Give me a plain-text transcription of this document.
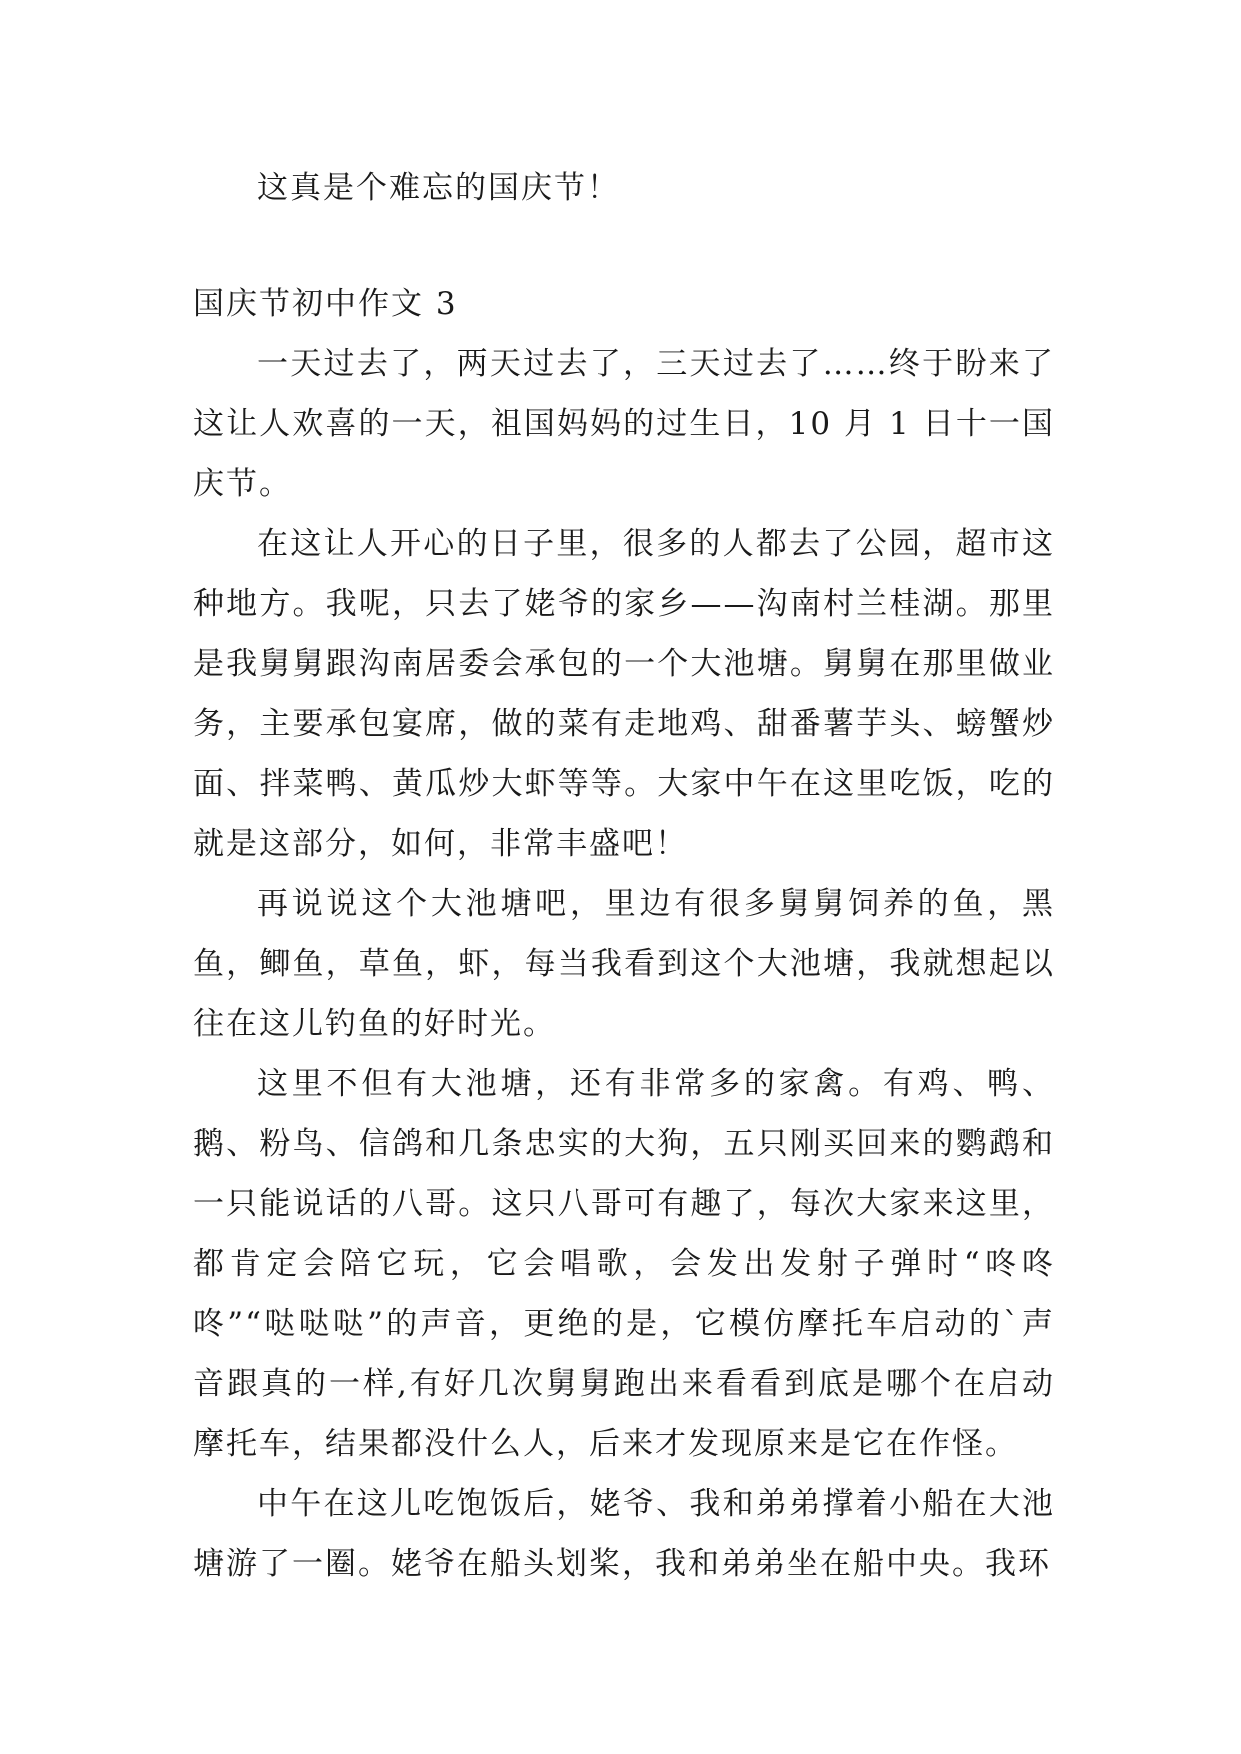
这真是个难忘的国庆节！

国庆节初中作文 3

一天过去了，两天过去了，三天过去了……终于盼来了这让人欢喜的一天，祖国妈妈的过生日，10 月 1 日十一国庆节。

在这让人开心的日子里，很多的人都去了公园，超市这种地方。我呢，只去了姥爷的家乡——沟南村兰桂湖。那里是我舅舅跟沟南居委会承包的一个大池塘。舅舅在那里做业务，主要承包宴席，做的菜有走地鸡、甜番薯芋头、螃蟹炒面、拌菜鸭、黄瓜炒大虾等等。大家中午在这里吃饭，吃的就是这部分，如何，非常丰盛吧！

再说说这个大池塘吧，里边有很多舅舅饲养的鱼，黑鱼，鲫鱼，草鱼，虾，每当我看到这个大池塘，我就想起以往在这儿钓鱼的好时光。

这里不但有大池塘，还有非常多的家禽。有鸡、鸭、鹅、粉鸟、信鸽和几条忠实的大狗，五只刚买回来的鹦鹉和一只能说话的八哥。这只八哥可有趣了，每次大家来这里，都肯定会陪它玩，它会唱歌，会发出发射子弹时“咚咚咚”“哒哒哒”的声音，更绝的是，它模仿摩托车启动的`声音跟真的一样,有好几次舅舅跑出来看看到底是哪个在启动摩托车，结果都没什么人，后来才发现原来是它在作怪。

中午在这儿吃饱饭后，姥爷、我和弟弟撑着小船在大池塘游了一圈。姥爷在船头划桨，我和弟弟坐在船中央。我环
